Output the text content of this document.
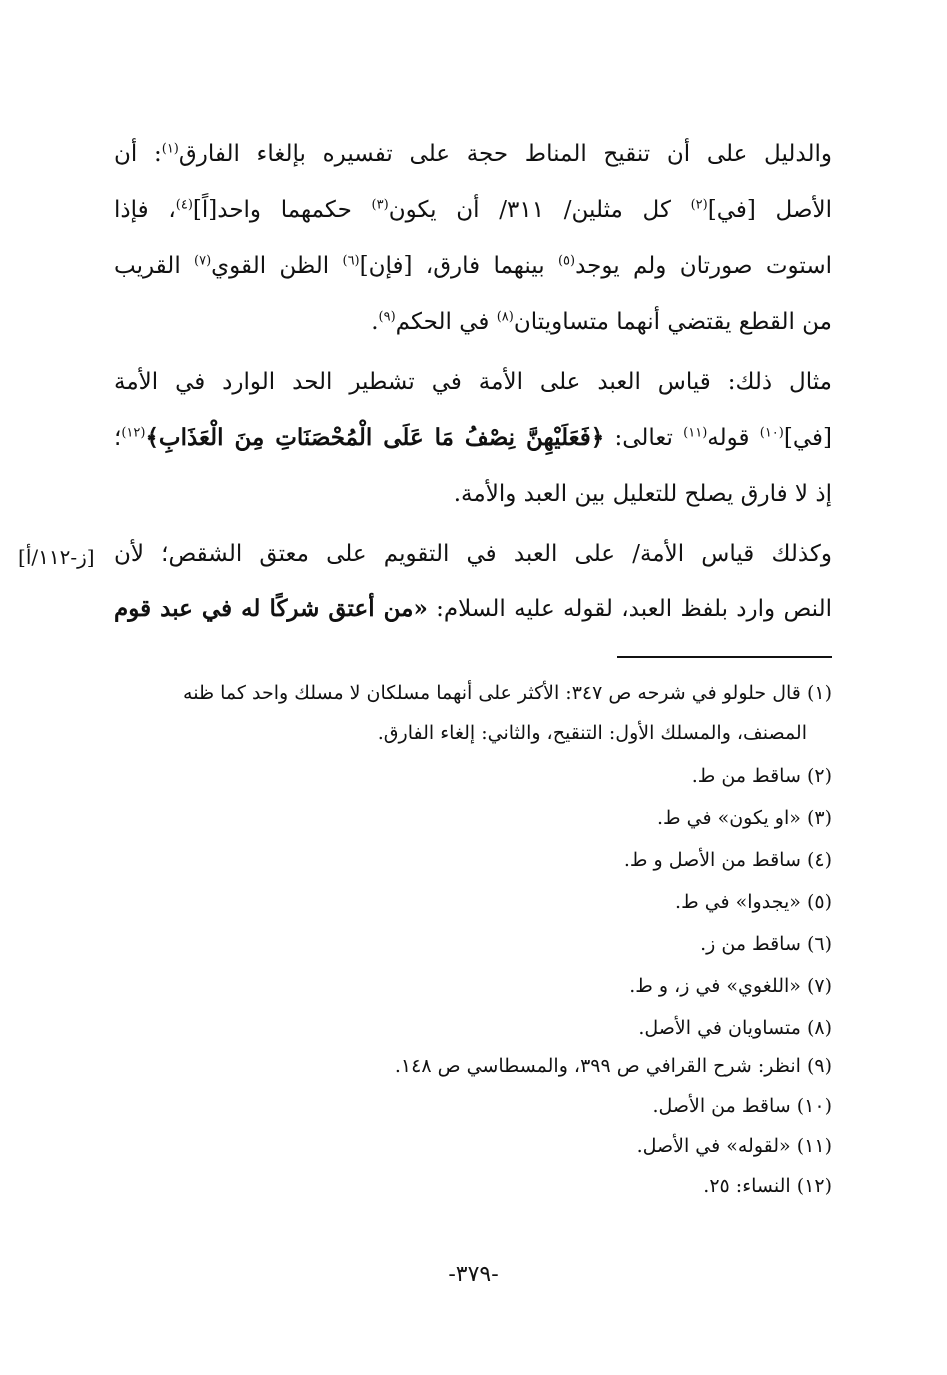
والدليل على أن تنقيح المناط حجة على تفسيره بإلغاء الفارق$^{(١)}$: أن
الأصل [في]$^{(٢)}$ كل مثلين/ ٣١١/ أن يكون$^{(٣)}$ حكمهما واحد[اً]$^{(٤)}$، فإذا
استوت صورتان ولم يوجد$^{(٥)}$ بينهما فارق، [فإن]$^{(٦)}$ الظن القوي$^{(٧)}$ القريب
من القطع يقتضي أنهما متساويتان$^{(٨)}$ في الحكم$^{(٩)}$.
مثال ذلك: قياس العبد على الأمة في تشطير الحد الوارد في الأمة
[في]$^{(١٠)}$ قوله$^{(١١)}$ تعالى: ﴿فَعَلَيْهِنَّ نِصْفُ مَا عَلَى الْمُحْصَنَاتِ مِنَ الْعَذَابِ﴾$^{(١٢)}$؛
إذ لا فارق يصلح للتعليل بين العبد والأمة.
وكذلك قياس الأمة/ على العبد في التقويم على معتق الشقص؛ لأن
النص وارد بلفظ العبد، لقوله عليه السلام: «من أعتق شركًا له في عبد قوم
[ز-١١٢/أ]
(١) قال حلولو في شرحه ص ٣٤٧: الأكثر على أنهما مسلكان لا مسلك واحد كما ظنه
المصنف، والمسلك الأول: التنقيح، والثاني: إلغاء الفارق.
(٢) ساقط من ط.
(٣) «او يكون» في ط.
(٤) ساقط من الأصل و ط.
(٥) «يجدوا» في ط.
(٦) ساقط من ز.
(٧) «اللغوي» في ز، و ط.
(٨) متساويان في الأصل.
(٩) انظر: شرح القرافي ص ٣٩٩، والمسطاسي ص ١٤٨.
(١٠) ساقط من الأصل.
(١١) «لقوله» في الأصل.
(١٢) النساء: ٢٥.
-٣٧٩-
